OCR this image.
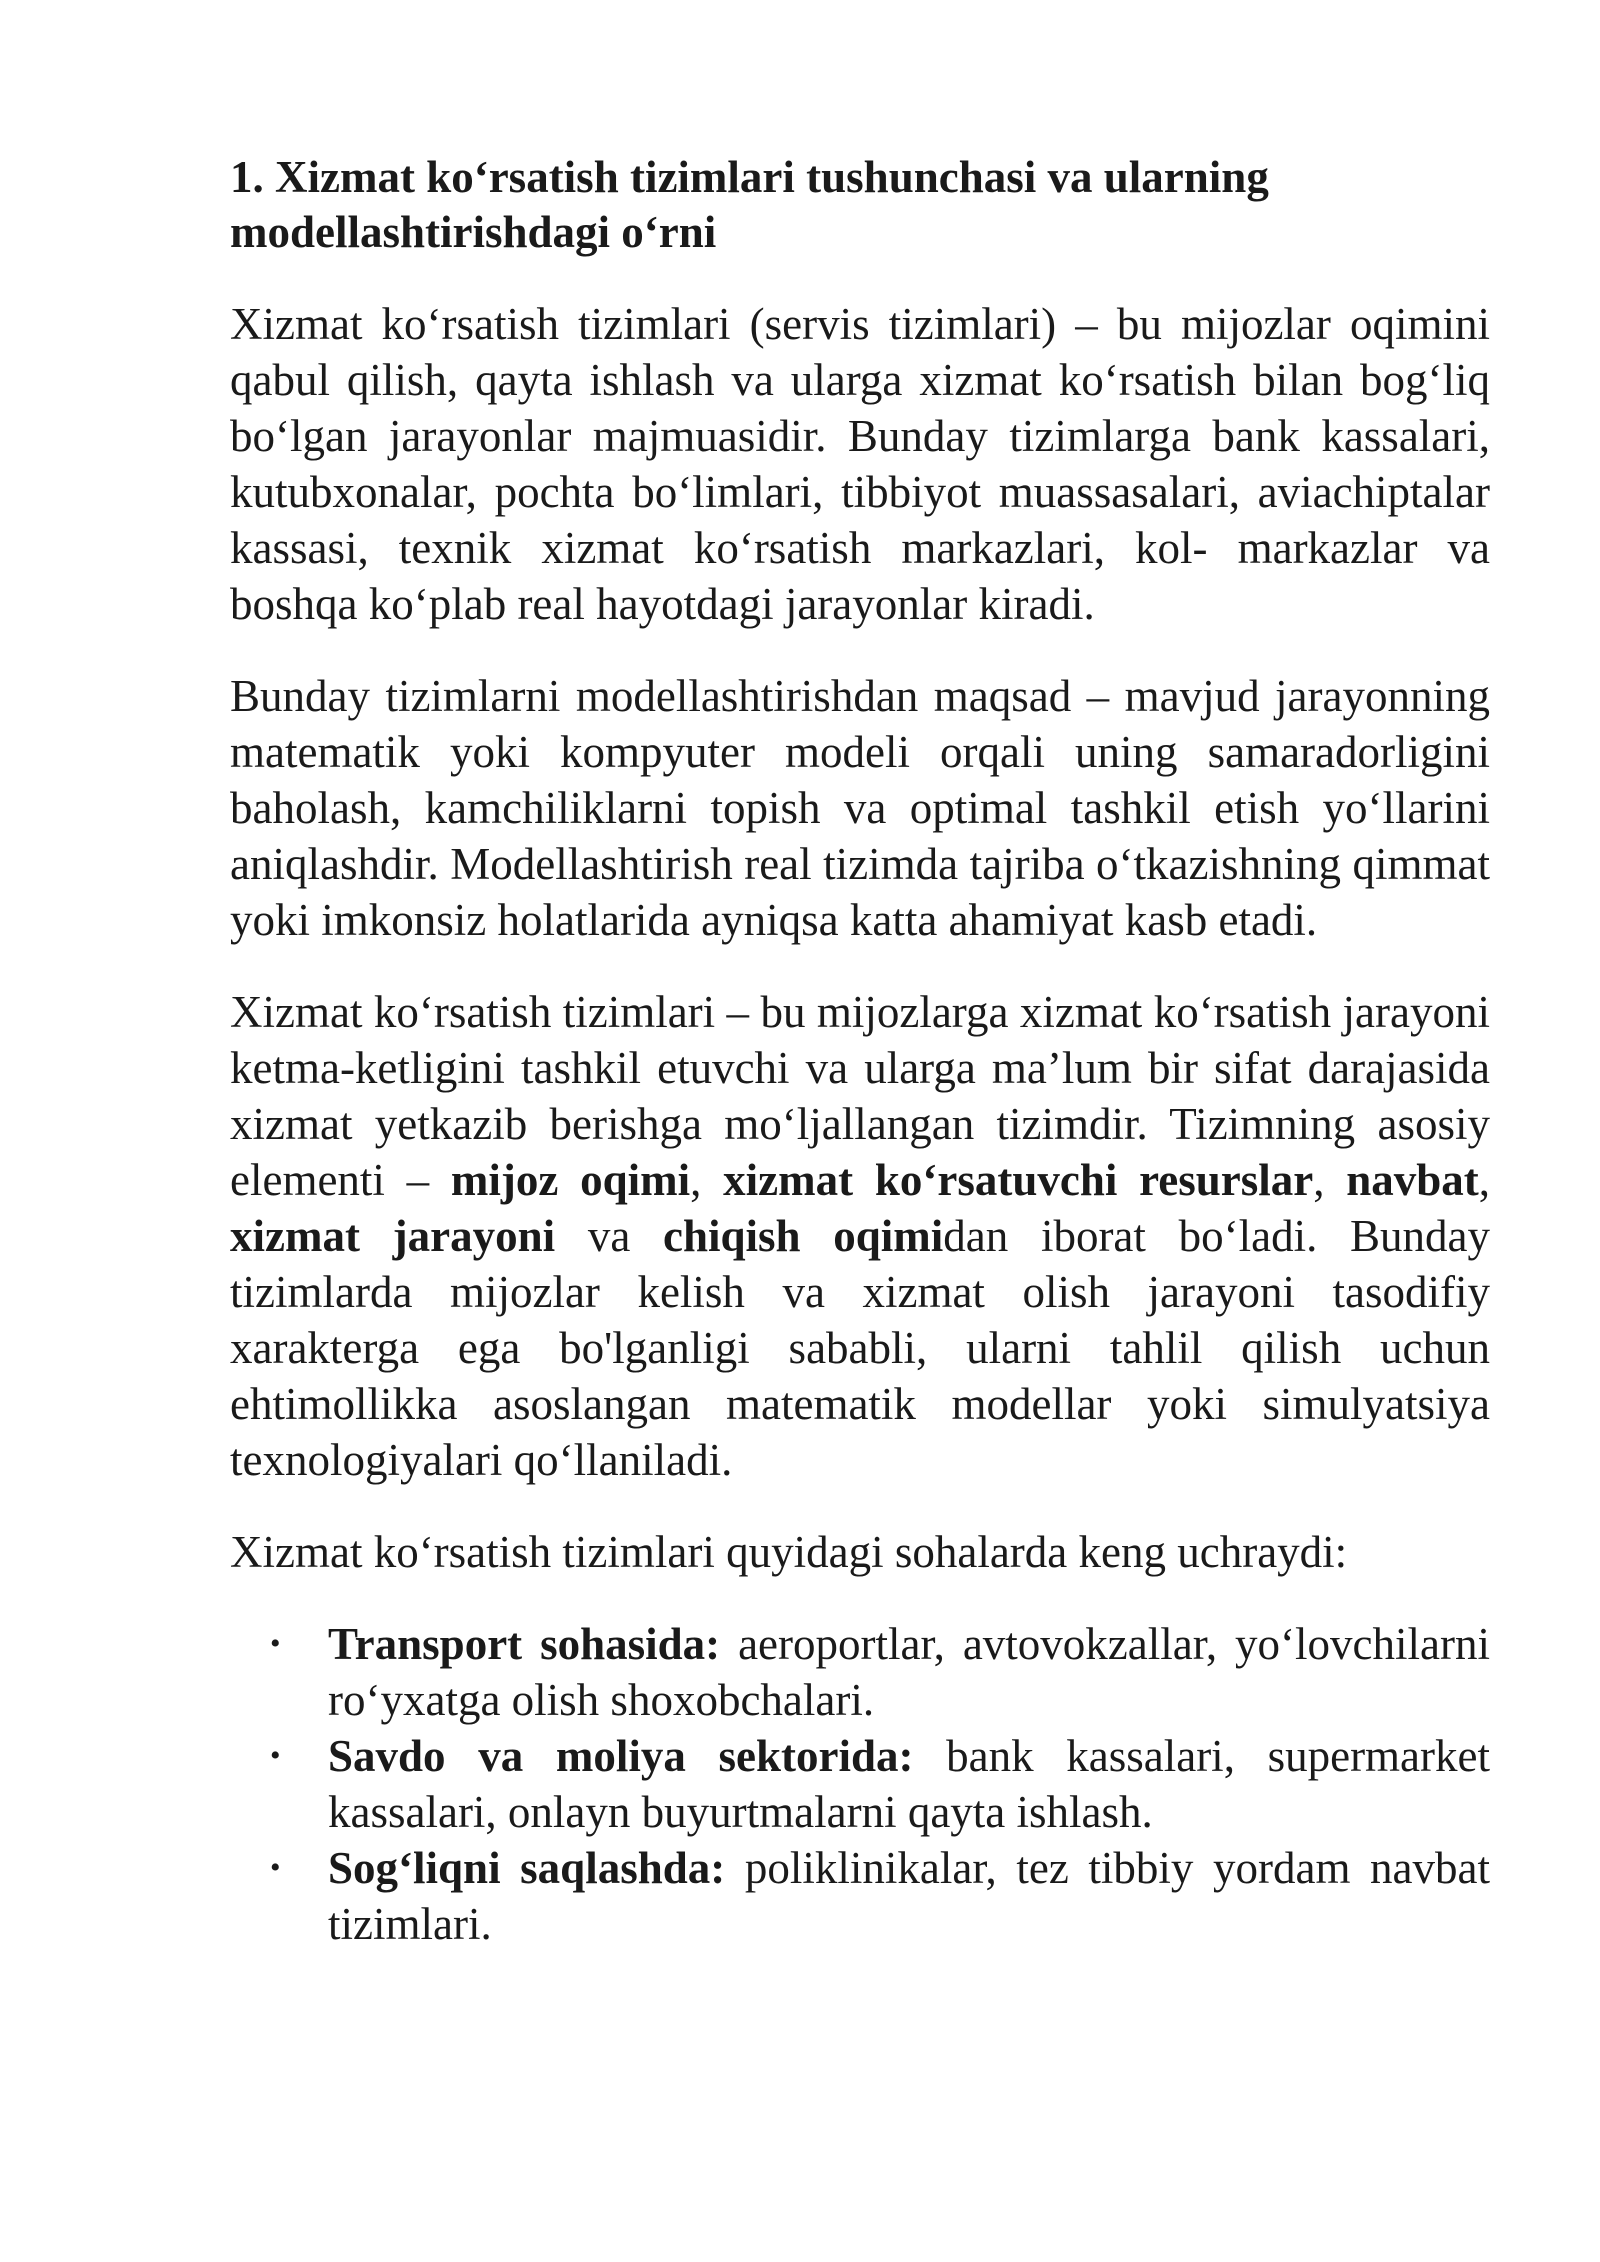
1. Xizmat ko‘rsatish tizimlari tushunchasi va ularning modellashtirishdagi o‘rni

Xizmat ko‘rsatish tizimlari (servis tizimlari) – bu mijozlar oqimini qabul qilish, qayta ishlash va ularga xizmat ko‘rsatish bilan bog‘liq bo‘lgan jarayonlar majmuasidir. Bunday tizimlarga bank kassalari, kutubxonalar, pochta bo‘limlari, tibbiyot muassasalari, aviachiptalar kassasi, texnik xizmat ko‘rsatish markazlari, kol- markazlar va boshqa ko‘plab real hayotdagi jarayonlar kiradi.

Bunday tizimlarni modellashtirishdan maqsad – mavjud jarayonning matematik yoki kompyuter modeli orqali uning samaradorligini baholash, kamchiliklarni topish va optimal tashkil etish yo‘llarini aniqlashdir. Modellashtirish real tizimda tajriba o‘tkazishning qimmat yoki imkonsiz holatlarida ayniqsa katta ahamiyat kasb etadi.

Xizmat ko‘rsatish tizimlari – bu mijozlarga xizmat ko‘rsatish jarayoni ketma-ketligini tashkil etuvchi va ularga ma’lum bir sifat darajasida xizmat yetkazib berishga mo‘ljallangan tizimdir. Tizimning asosiy elementi – mijoz oqimi, xizmat ko‘rsatuvchi resurslar, navbat, xizmat jarayoni va chiqish oqimidan iborat bo‘ladi. Bunday tizimlarda mijozlar kelish va xizmat olish jarayoni tasodifiy xarakterga ega bo'lganligi sababli, ularni tahlil qilish uchun ehtimollikka asoslangan matematik modellar yoki simulyatsiya texnologiyalari qo‘llaniladi.

Xizmat ko‘rsatish tizimlari quyidagi sohalarda keng uchraydi:

• Transport sohasida: aeroportlar, avtovokzallar, yo‘lovchilarni ro‘yxatga olish shoxobchalari.
• Savdo va moliya sektorida: bank kassalari, supermarket kassalari, onlayn buyurtmalarni qayta ishlash.
• Sog‘liqni saqlashda: poliklinikalar, tez tibbiy yordam navbat tizimlari.
